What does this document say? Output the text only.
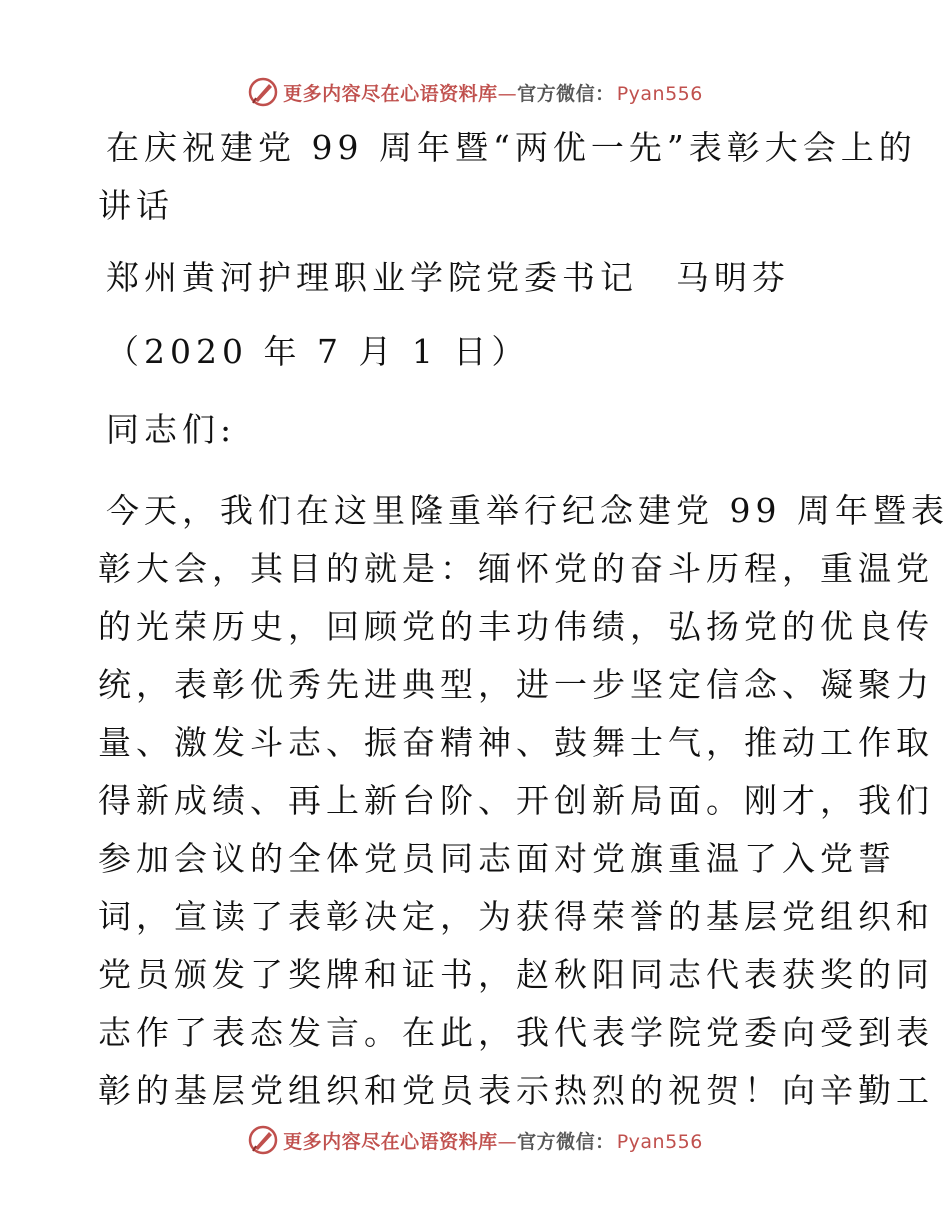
更多内容尽在心语资料库—官方微信： Pyan556
在庆祝建党 99 周年暨“两优一先”表彰大会上的
讲话
郑州黄河护理职业学院党委书记　马明芬
（2020 年 7 月 1 日）
同志们:
今天，我们在这里隆重举行纪念建党 99 周年暨表
彰大会，其目的就是：缅怀党的奋斗历程，重温党
的光荣历史，回顾党的丰功伟绩，弘扬党的优良传
统，表彰优秀先进典型，进一步坚定信念、凝聚力
量、激发斗志、振奋精神、鼓舞士气，推动工作取
得新成绩、再上新台阶、开创新局面。刚才，我们
参加会议的全体党员同志面对党旗重温了入党誓
词，宣读了表彰决定，为获得荣誉的基层党组织和
党员颁发了奖牌和证书，赵秋阳同志代表获奖的同
志作了表态发言。在此，我代表学院党委向受到表
彰的基层党组织和党员表示热烈的祝贺！向辛勤工
更多内容尽在心语资料库—官方微信： Pyan556
